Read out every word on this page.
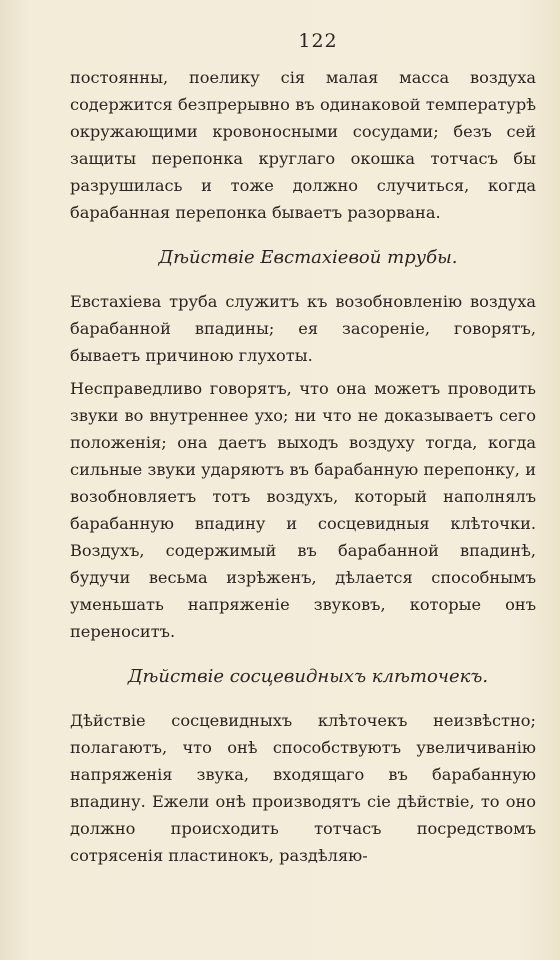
122

постоянны, поелику сія малая масса воздуха содержится безпрерывно въ одинаковой температурѣ окружающими кровоносными сосудами; безъ сей защиты перепонка круглаго окошка тотчасъ бы разрушилась и тоже должно случиться, когда барабанная перепонка бываетъ разорвана.

Дѣйствіе Евстахіевой трубы.

Евстахіева труба служитъ къ возобновленію воздуха барабанной впадины; ея засореніе, говорятъ, бываетъ причиною глухоты.

Несправедливо говорятъ, что она можетъ проводить звуки во внутреннее ухо; ни что не доказываетъ сего положенія; она даетъ выходъ воздуху тогда, когда сильные звуки ударяютъ въ барабанную перепонку, и возобновляетъ тотъ воздухъ, который наполнялъ барабанную впадину и сосцевидныя клѣточки. Воздухъ, содержимый въ барабанной впадинѣ, будучи весьма изрѣженъ, дѣлается способнымъ уменьшать напряженіе звуковъ, которые онъ переноситъ.

Дѣйствіе сосцевидныхъ клѣточекъ.

Дѣйствіе сосцевидныхъ клѣточекъ неизвѣстно; полагаютъ, что онѣ способствуютъ увеличиванію напряженія звука, входящаго въ барабанную впадину. Ежели онѣ производятъ сіе дѣйствіе, то оно должно происходить тотчасъ посредствомъ сотрясенія пластинокъ, раздѣляю-
